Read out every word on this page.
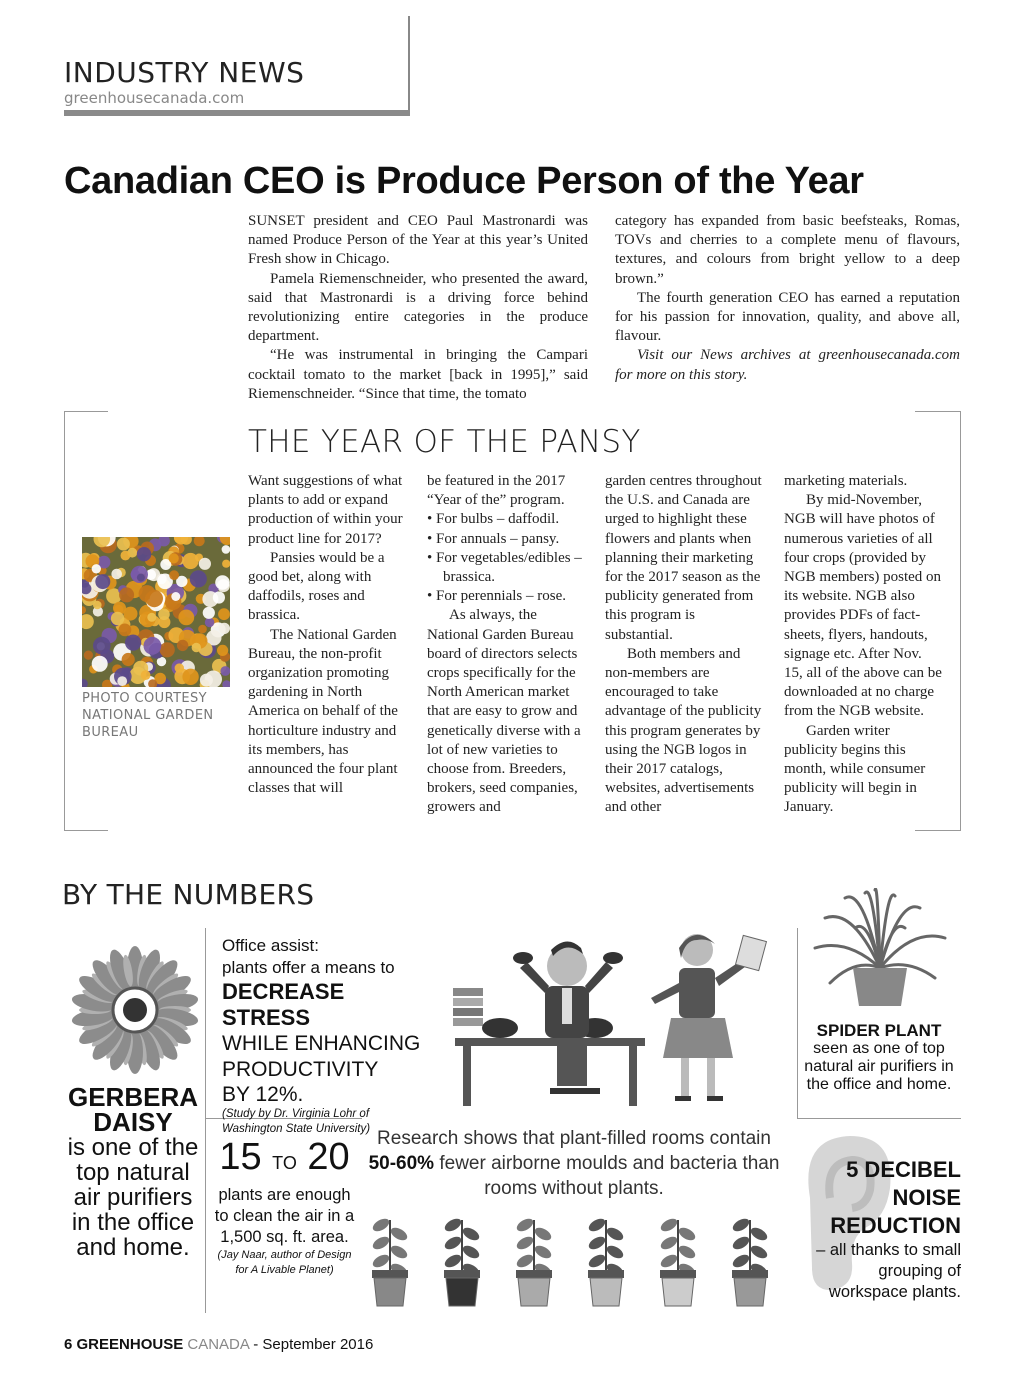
INDUSTRY NEWS
greenhousecanada.com
Canadian CEO is Produce Person of the Year

SUNSET president and CEO Paul Mastronardi was named Produce Person of the Year at this year’s United Fresh show in Chicago.

Pamela Riemenschneider, who presented the award, said that Mastronardi is a driving force behind revolutionizing entire categories in the produce department.

“He was instrumental in bringing the Campari cocktail tomato to the market [back in 1995],” said Riemenschneider. “Since that time, the tomato

category has expanded from basic beefsteaks, Romas, TOVs and cherries to a complete menu of flavours, textures, and colours from bright yellow to a deep brown.”

The fourth generation CEO has earned a reputation for his passion for innovation, quality, and above all, flavour.

Visit our News archives at greenhousecanada.com for more on this story.

THE YEAR OF THE PANSY
PHOTO COURTESY NATIONAL GARDEN BUREAU

Want suggestions of what plants to add or expand production of within your product line for 2017?

Pansies would be a good bet, along with daffodils, roses and brassica.

The National Garden Bureau, the non-profit organization promoting gardening in North America on behalf of the horticulture industry and its members, has announced the four plant classes that will

be featured in the 2017 “Year of the” program.

• For bulbs – daffodil.
• For annuals – pansy.
• For vegetables/edibles – brassica.
• For perennials – rose.

As always, the National Garden Bureau board of directors selects crops specifically for the North American market that are easy to grow and genetically diverse with a lot of new varieties to choose from. Breeders, brokers, seed companies, growers and

garden centres throughout the U.S. and Canada are urged to highlight these flowers and plants when planning their marketing for the 2017 season as the publicity generated from this program is substantial.

Both members and non-members are encouraged to take advantage of the publicity this program generates by using the NGB logos in their 2017 catalogs, websites, advertisements and other

marketing materials.

By mid-November, NGB will have photos of numerous varieties of all four crops (provided by NGB members) posted on its website. NGB also provides PDFs of fact-sheets, flyers, handouts, signage etc. After Nov. 15, all of the above can be downloaded at no charge from the NGB website.

Garden writer publicity begins this month, while consumer publicity will begin in January.

BY THE NUMBERS
GERBERA DAISY
is one of the top natural air purifiers in the office and home.
Office assist:
plants offer a means to
DECREASE STRESS
WHILE ENHANCING
PRODUCTIVITY
BY 12%.
(Study by Dr. Virginia Lohr of Washington State University)
SPIDER PLANT
seen as one of top natural air purifiers in the office and home.
15 TO 20
plants are enough to clean the air in a 1,500 sq. ft. area.
(Jay Naar, author of Design for A Livable Planet)
Research shows that plant-filled rooms contain 50-60% fewer airborne moulds and bacteria than rooms without plants.
5 DECIBEL NOISE REDUCTION
– all thanks to small grouping of workspace plants.
6 GREENHOUSE CANADA - September 2016
